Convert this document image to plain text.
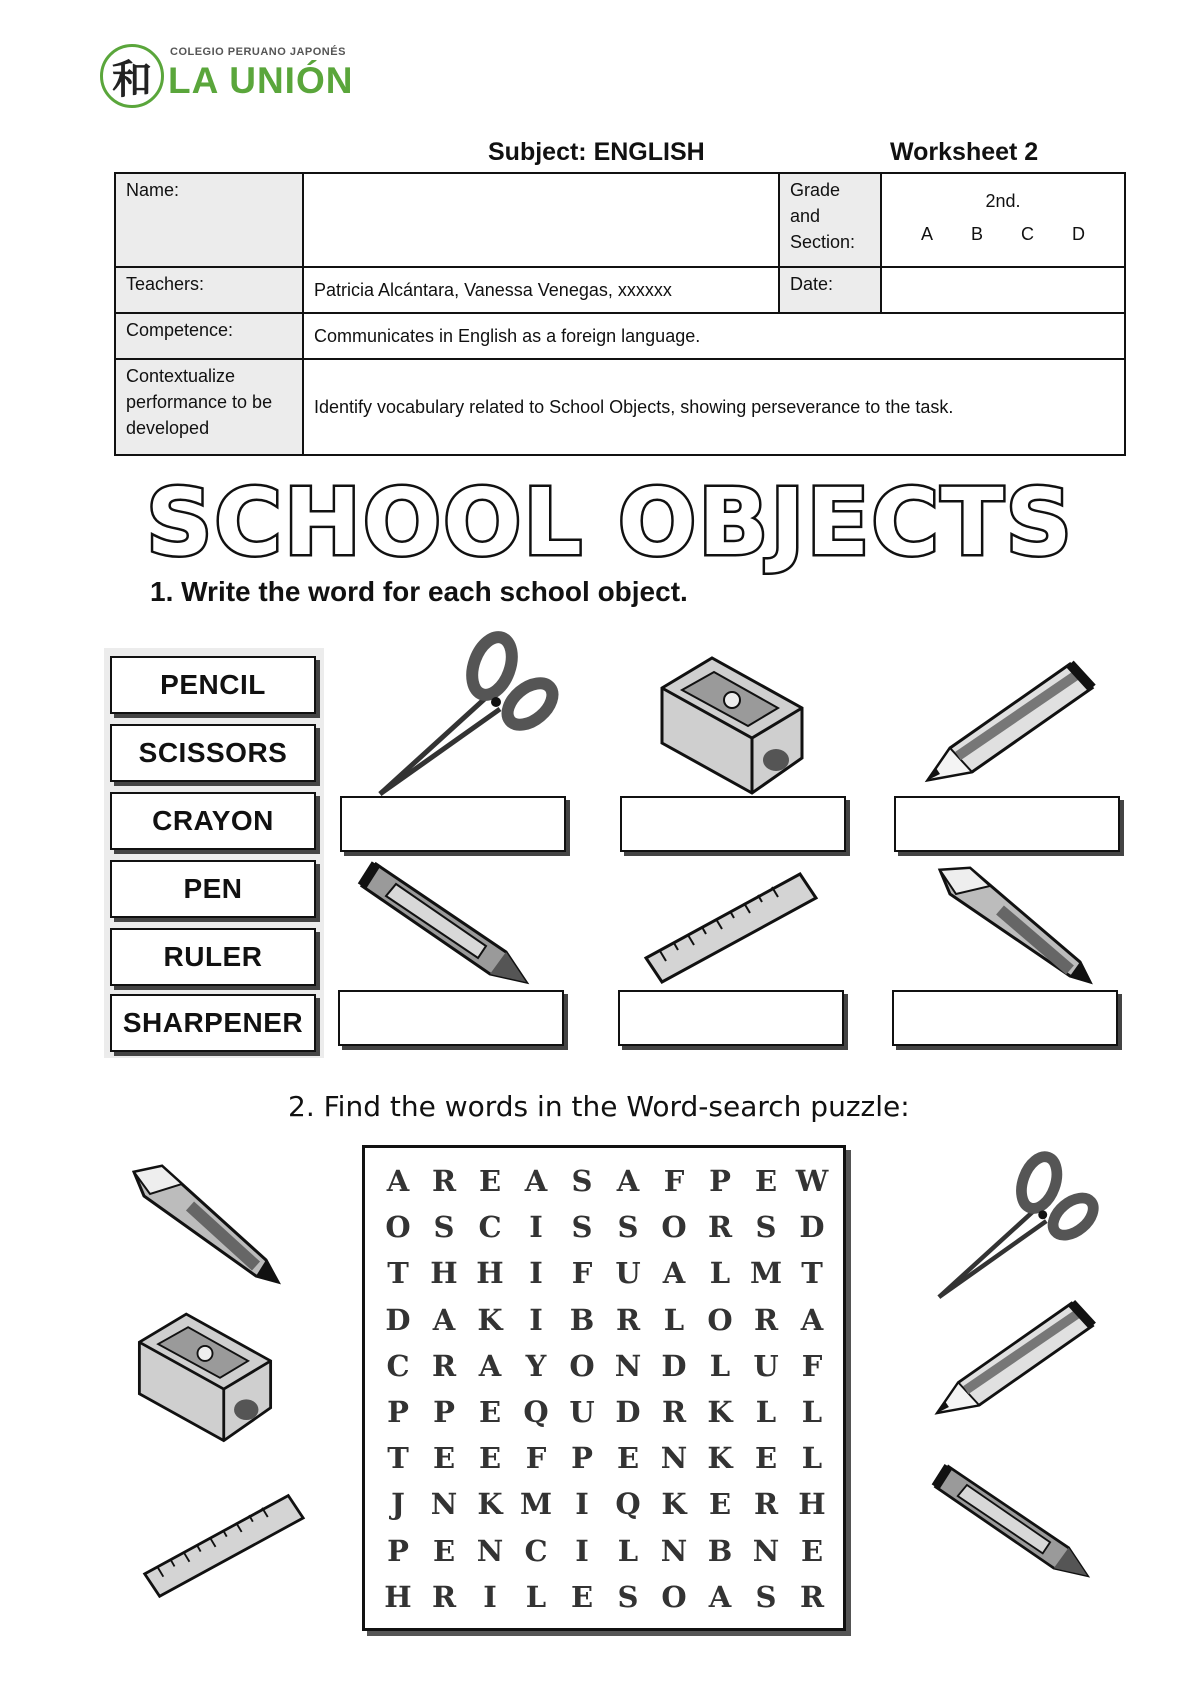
和
COLEGIO PERUANO JAPONÉS
LA UNIÓN
Subject: ENGLISH	Worksheet 2
Name:		Grade and Section:	2nd.
A B C D

Teachers:	Patricia Alcántara, Vanessa Venegas, xxxxxx	Date:	
Competence:	Communicates in English as a foreign language.		
Contextualize performance to be developed	Identify vocabulary related to School Objects, showing perseverance to the task.		
SCHOOL OBJECTS
1. Write the word for each school object.
PENCIL
SCISSORS
CRAYON
PEN
RULER
SHARPENER
2. Find the words in the Word-search puzzle:
A R E A S A F P E W
O S C I S S O R S D
T H H I F U A L M T
D A K I B R L O R A
C R A Y O N D L U F
P P E Q U D R K L L
T E E F P E N K E L
J N K M I Q K E R H
P E N C I	L N B N E
H R I	L E S O A S R
